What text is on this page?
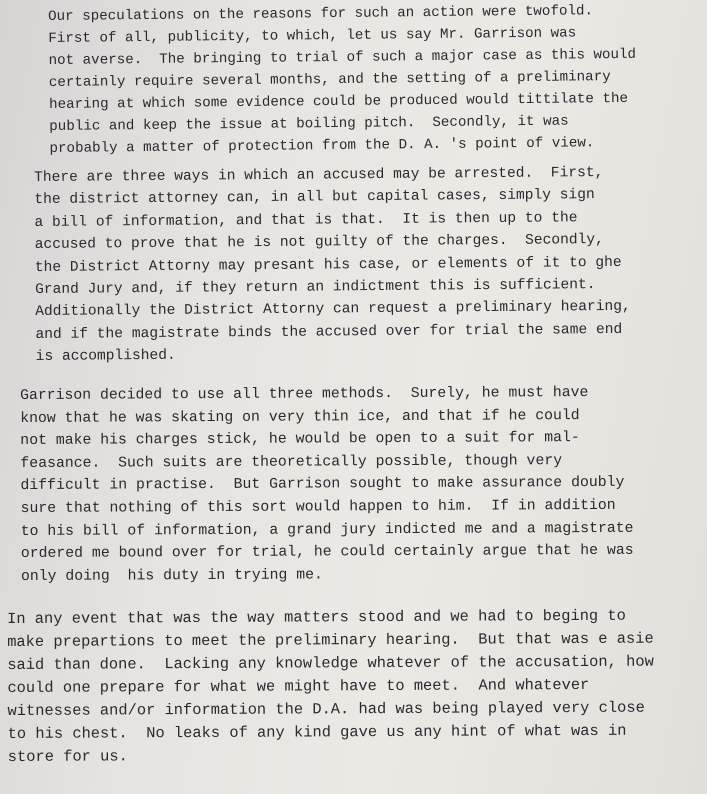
Our speculations on the reasons for such an action were twofold.
First of all, publicity, to which, let us say Mr. Garrison was
not averse.  The bringing to trial of such a major case as this would
certainly require several months, and the setting of a preliminary
hearing at which some evidence could be produced would tittilate the
public and keep the issue at boiling pitch.  Secondly, it was
probably a matter of protection from the D. A. 's point of view.
There are three ways in which an accused may be arrested.  First,
the district attorney can, in all but capital cases, simply sign
a bill of information, and that is that.  It is then up to the
accused to prove that he is not guilty of the charges.  Secondly,
the District Attorny may presant his case, or elements of it to ghe
Grand Jury and, if they return an indictment this is sufficient.
Additionally the District Attorny can request a preliminary hearing,
and if the magistrate binds the accused over for trial the same end
is accomplished.
Garrison decided to use all three methods.  Surely, he must have
know that he was skating on very thin ice, and that if he could
not make his charges stick, he would be open to a suit for mal-
feasance.  Such suits are theoretically possible, though very
difficult in practise.  But Garrison sought to make assurance doubly
sure that nothing of this sort would happen to him.  If in addition
to his bill of information, a grand jury indicted me and a magistrate
ordered me bound over for trial, he could certainly argue that he was
only doing  his duty in trying me.
In any event that was the way matters stood and we had to beging to
make prepartions to meet the preliminary hearing.  But that was e asie
said than done.  Lacking any knowledge whatever of the accusation, how
could one prepare for what we might have to meet.  And whatever
witnesses and/or information the D.A. had was being played very close
to his chest.  No leaks of any kind gave us any hint of what was in
store for us.
